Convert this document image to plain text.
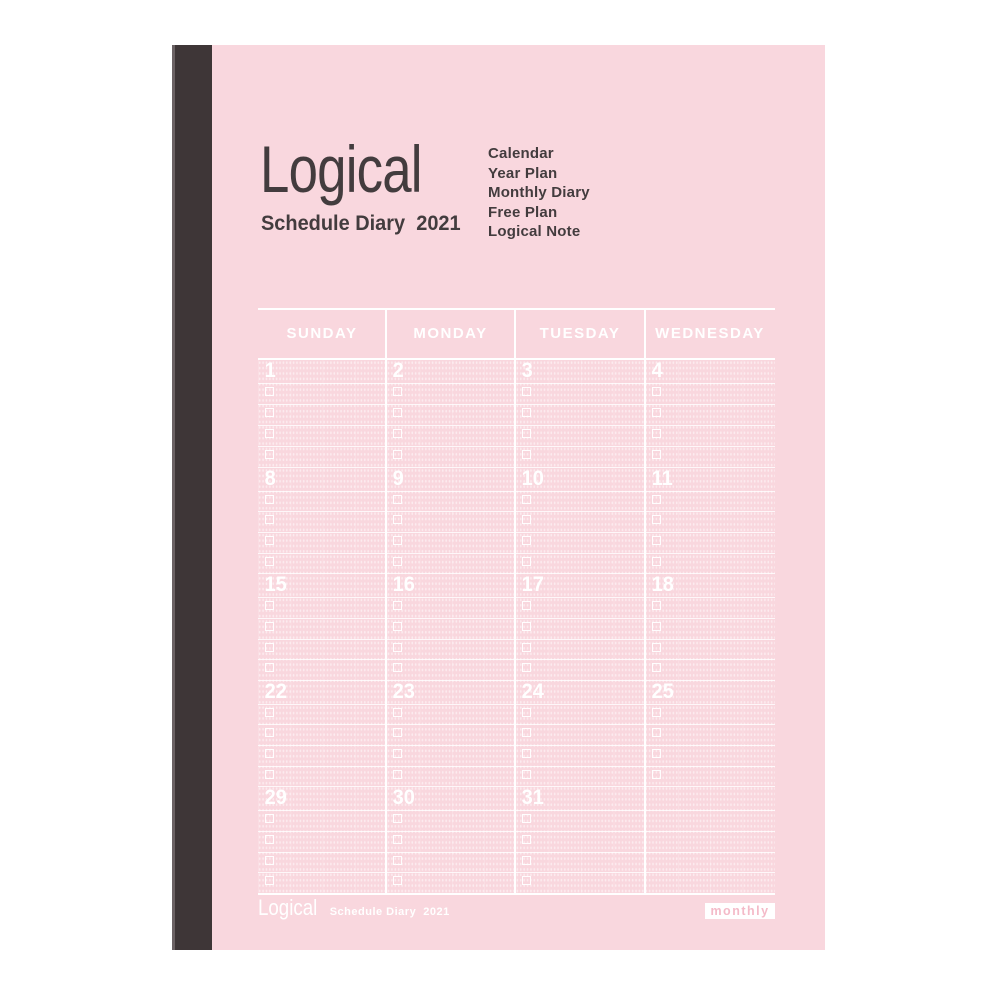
Logical
Schedule Diary  2021
Calendar
Year Plan
Monthly Diary
Free Plan
Logical Note
SUNDAY	MONDAY	TUESDAY	WEDNESDAY
1	2	3	4
8	9	10	11
15	16	17	18
22	23	24	25
29	30	31
Logical Schedule Diary  2021	monthly
